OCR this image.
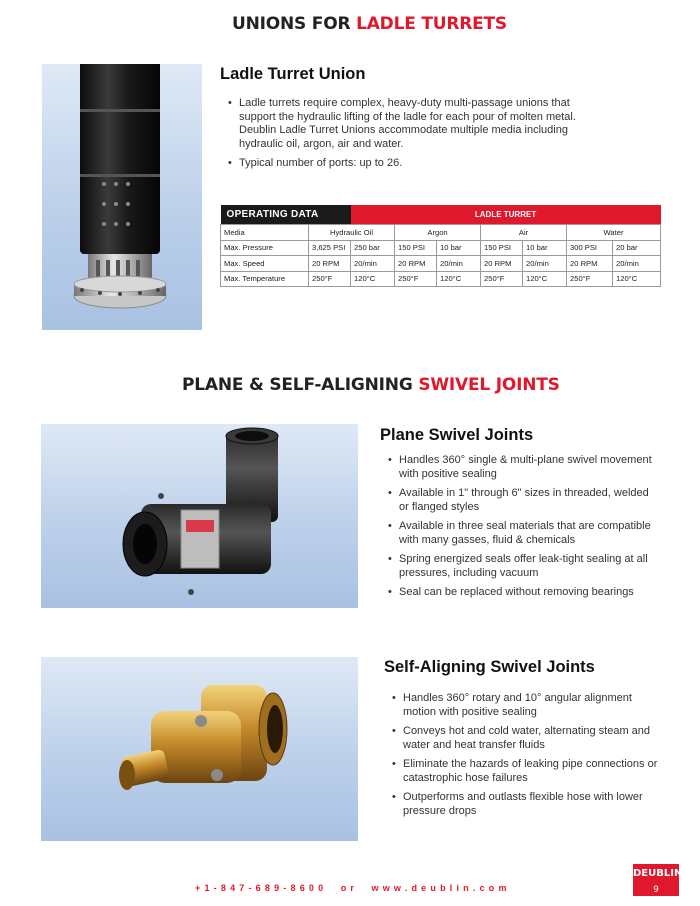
UNIONS FOR LADLE TURRETS
Ladle Turret Union
• Ladle turrets require complex, heavy-duty multi-passage unions that support the hydraulic lifting of the ladle for each pour of molten metal. Deublin Ladle Turret Unions accommodate multiple media including hydraulic oil, argon, air and water.
• Typical number of ports: up to 26.
OPERATING DATA		LADLE TURRET						
Media	Hydraulic Oil		Argon		Air		Water	
Max. Pressure	3,625 PSI	250 bar	150 PSI	10 bar	150 PSI	10 bar	300 PSI	20 bar
Max. Speed	20 RPM	20/min	20 RPM	20/min	20 RPM	20/min	20 RPM	20/min
Max. Temperature	250°F	120°C	250°F	120°C	250°F	120°C	250°F	120°C
PLANE & SELF-ALIGNING SWIVEL JOINTS
Plane Swivel Joints
• Handles 360° single & multi-plane swivel movement with positive sealing
• Available in 1" through 6" sizes in threaded, welded or flanged styles
• Available in three seal materials that are compatible with many gasses, fluid & chemicals
• Spring energized seals offer leak-tight sealing at all pressures, including vacuum
• Seal can be replaced without removing bearings
Self-Aligning Swivel Joints
• Handles 360° rotary and 10° angular alignment motion with positive sealing
• Conveys hot and cold water, alternating steam and water and heat transfer fluids
• Eliminate the hazards of leaking pipe connections or catastrophic hose failures
• Outperforms and outlasts flexible hose with lower pressure drops
+1-847-689-8600  or  www.deublin.com
DEUBLIN
9
